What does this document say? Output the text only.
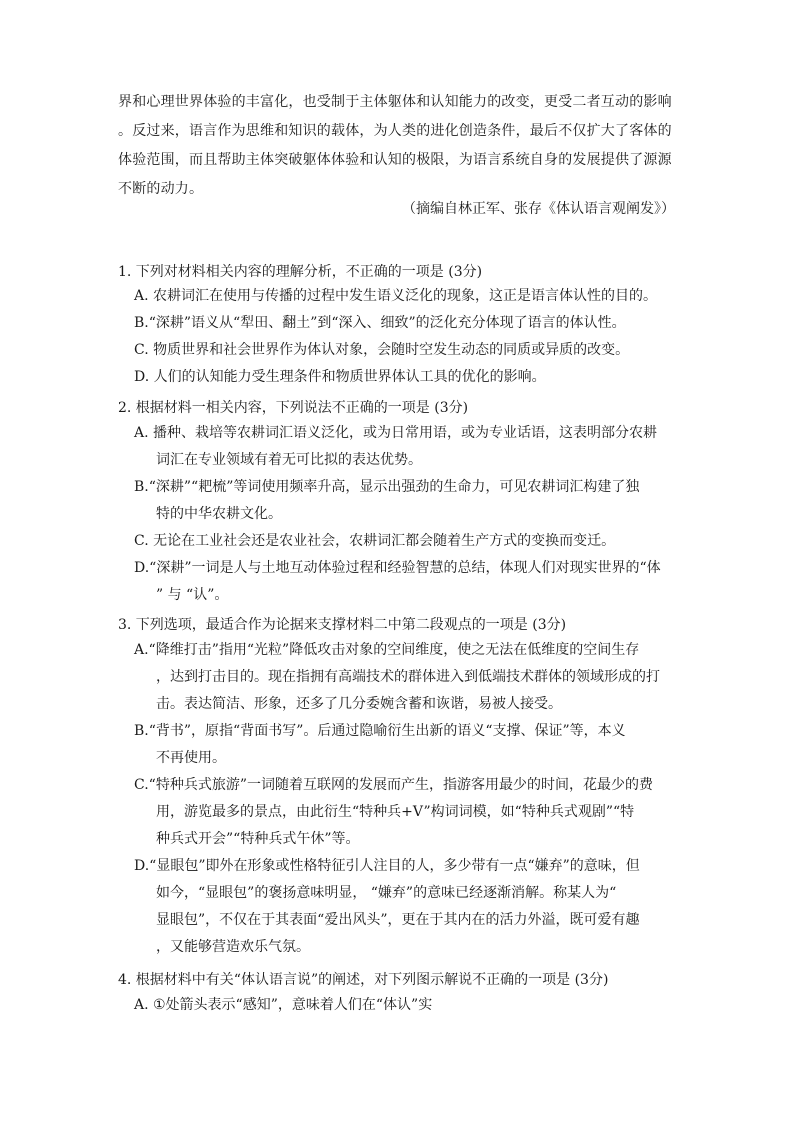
界和心理世界体验的丰富化，也受制于主体躯体和认知能力的改变，更受二者互动的影响
。反过来，语言作为思维和知识的载体，为人类的进化创造条件，最后不仅扩大了客体的
体验范围，而且帮助主体突破躯体体验和认知的极限，为语言系统自身的发展提供了源源
不断的动力。
（摘编自林正军、张存《体认语言观阐发》）
1. 下列对材料相关内容的理解分析，不正确的一项是 (3分)
A. 农耕词汇在使用与传播的过程中发生语义泛化的现象，这正是语言体认性的目的。
B.“深耕”语义从“犁田、翻土”到“深入、细致”的泛化充分体现了语言的体认性。
C. 物质世界和社会世界作为体认对象，会随时空发生动态的同质或异质的改变。
D. 人们的认知能力受生理条件和物质世界体认工具的优化的影响。
2. 根据材料一相关内容，下列说法不正确的一项是 (3分)
A. 播种、栽培等农耕词汇语义泛化，或为日常用语，或为专业话语，这表明部分农耕
词汇在专业领域有着无可比拟的表达优势。
B.“深耕”“耙梳”等词使用频率升高，显示出强劲的生命力，可见农耕词汇构建了独
特的中华农耕文化。
C. 无论在工业社会还是农业社会，农耕词汇都会随着生产方式的变换而变迁。
D.“深耕”一词是人与土地互动体验过程和经验智慧的总结，体现人们对现实世界的“体
” 与 “认”。
3. 下列选项，最适合作为论据来支撑材料二中第二段观点的一项是 (3分)
A.“降维打击”指用“光粒”降低攻击对象的空间维度，使之无法在低维度的空间生存
，达到打击目的。现在指拥有高端技术的群体进入到低端技术群体的领域形成的打
击。表达简洁、形象，还多了几分委婉含蓄和诙谐，易被人接受。
B.“背书”，原指“背面书写”。后通过隐喻衍生出新的语义“支撑、保证”等，本义
不再使用。
C.“特种兵式旅游”一词随着互联网的发展而产生，指游客用最少的时间，花最少的费
用，游览最多的景点，由此衍生“特种兵+V”构词词模，如“特种兵式观剧”“特
种兵式开会”“特种兵式午休”等。
D.“显眼包”即外在形象或性格特征引人注目的人，多少带有一点“嫌弃”的意味，但
如今，“显眼包”的褒扬意味明显， “嫌弃”的意味已经逐渐消解。称某人为“
显眼包”，不仅在于其表面“爱出风头”，更在于其内在的活力外溢，既可爱有趣
，又能够营造欢乐气氛。
4. 根据材料中有关“体认语言说”的阐述，对下列图示解说不正确的一项是 (3分)
A. ①处箭头表示“感知”，意味着人们在“体认”实
